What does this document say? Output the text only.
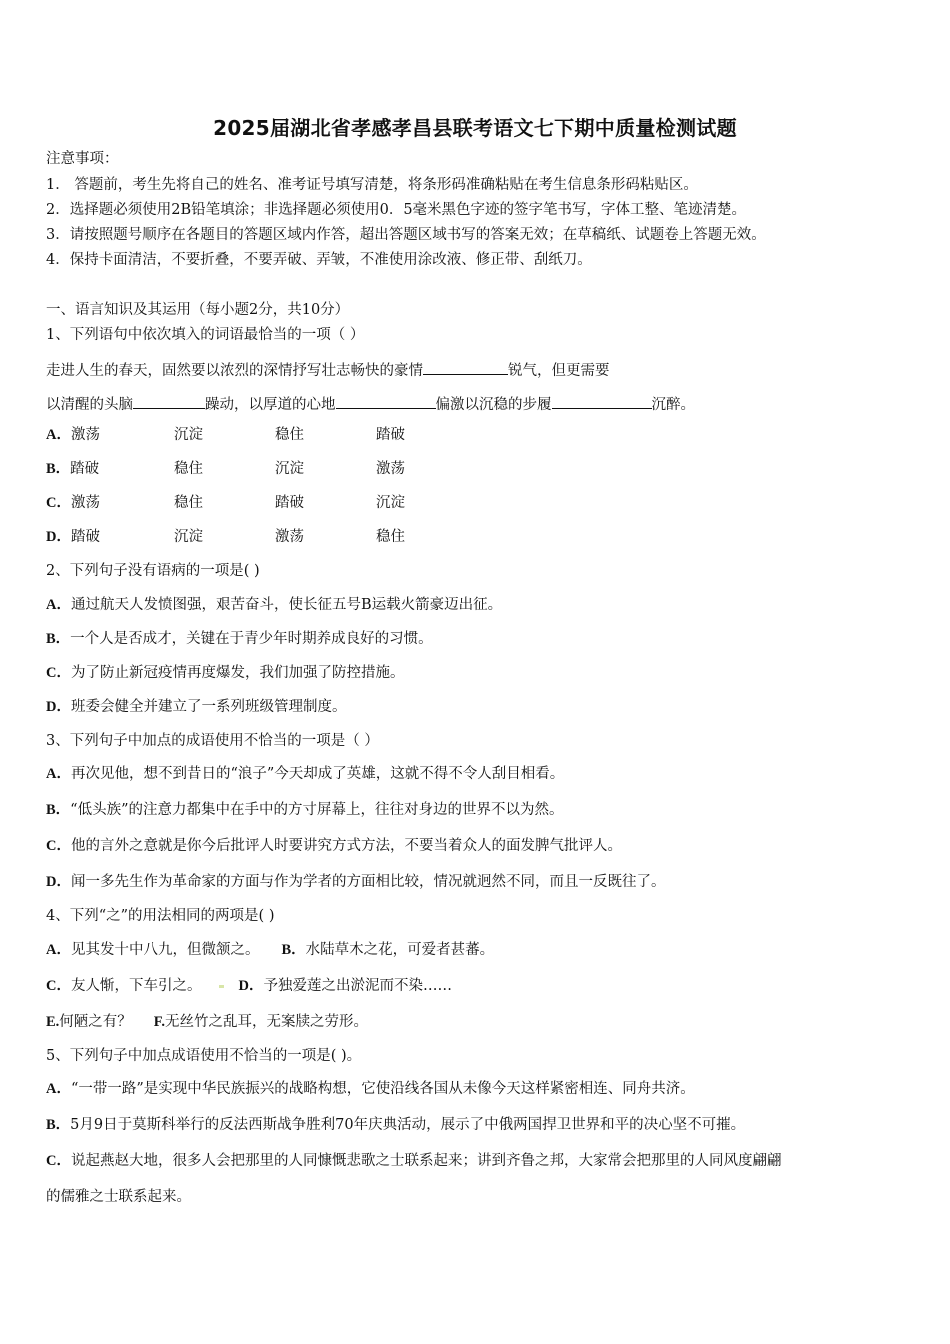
2025届湖北省孝感孝昌县联考语文七下期中质量检测试题
注意事项：
1． 答题前，考生先将自己的姓名、准考证号填写清楚，将条形码准确粘贴在考生信息条形码粘贴区。
2．选择题必须使用2B铅笔填涂；非选择题必须使用0．5毫米黑色字迹的签字笔书写，字体工整、笔迹清楚。
3．请按照题号顺序在各题目的答题区域内作答，超出答题区域书写的答案无效；在草稿纸、试题卷上答题无效。
4．保持卡面清洁，不要折叠，不要弄破、弄皱，不准使用涂改液、修正带、刮纸刀。
一、语言知识及其运用（每小题2分，共10分）
1、下列语句中依次填入的词语最恰当的一项（ ）
走进人生的春天，固然要以浓烈的深情抒写壮志畅快的豪情	锐气，但更需要
以清醒的头脑	躁动，以厚道的心地	偏激以沉稳的步履	沉醉。
A．激荡	沉淀	稳住	踏破
B．踏破	稳住	沉淀	激荡
C．激荡	稳住	踏破	沉淀
D．踏破	沉淀	激荡	稳住
2、下列句子没有语病的一项是( )
A．通过航天人发愤图强，艰苦奋斗，使长征五号B运载火箭豪迈出征。
B．一个人是否成才，关键在于青少年时期养成良好的习惯。
C．为了防止新冠疫情再度爆发，我们加强了防控措施。
D．班委会健全并建立了一系列班级管理制度。
3、下列句子中加点的成语使用不恰当的一项是（ ）
A．再次见他，想不到昔日的“浪子”今天却成了英雄，这就不得不令人刮目相看。
B．“低头族”的注意力都集中在手中的方寸屏幕上，往往对身边的世界不以为然。
C．他的言外之意就是你今后批评人时要讲究方式方法，不要当着众人的面发脾气批评人。
D．闻一多先生作为革命家的方面与作为学者的方面相比较，情况就迥然不同，而且一反既往了。
4、下列“之”的用法相同的两项是( )
A．见其发十中八九，但微颔之。 B．水陆草木之花，可爱者甚蕃。
C．友人惭，下车引之。	D．予独爱莲之出淤泥而不染……
E.何陋之有？ F.无丝竹之乱耳，无案牍之劳形。
5、下列句子中加点成语使用不恰当的一项是( )。
A．“一带一路”是实现中华民族振兴的战略构想，它使沿线各国从未像今天这样紧密相连、同舟共济。
B．5月9日于莫斯科举行的反法西斯战争胜利70年庆典活动，展示了中俄两国捍卫世界和平的决心坚不可摧。
C．说起燕赵大地，很多人会把那里的人同慷慨悲歌之士联系起来；讲到齐鲁之邦，大家常会把那里的人同风度翩翩
的儒雅之士联系起来。
